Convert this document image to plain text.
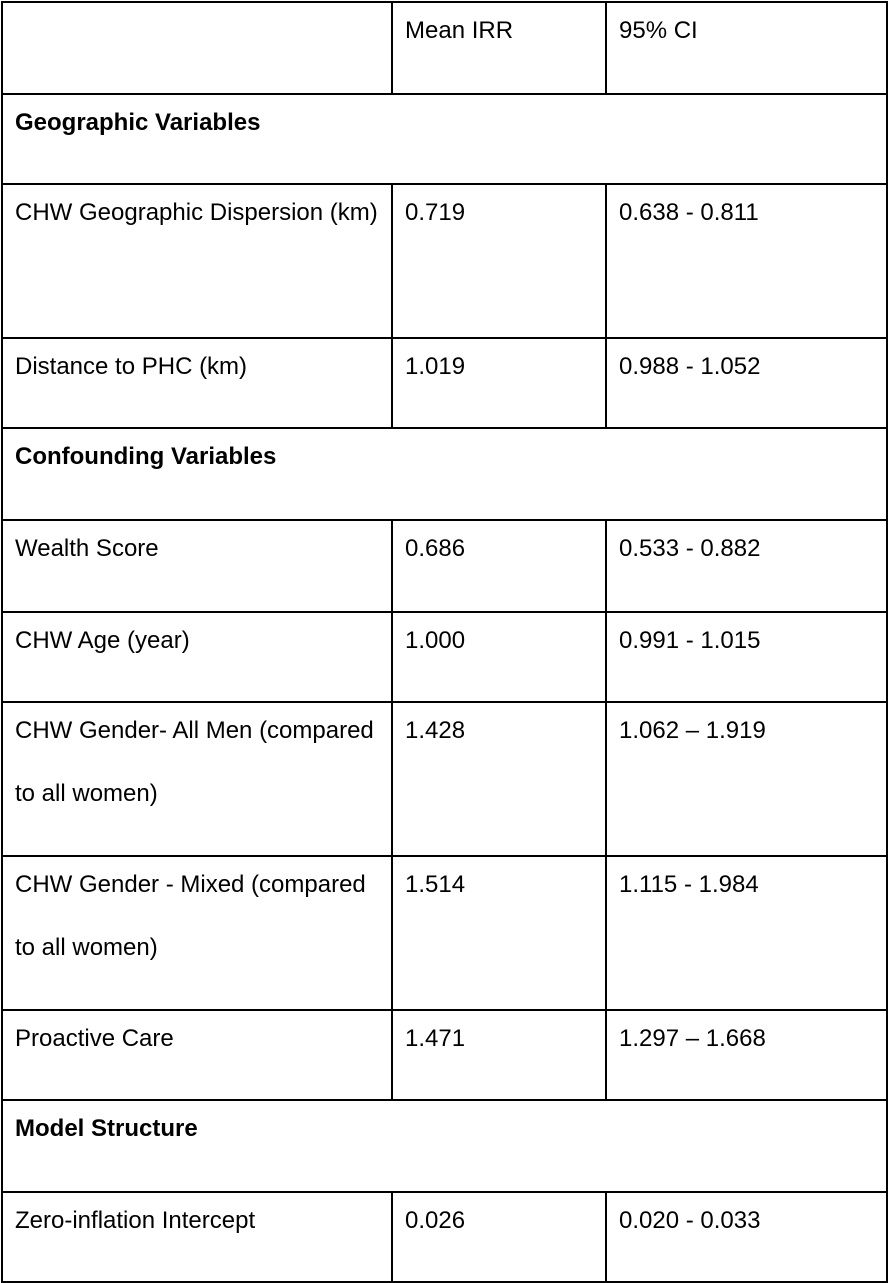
	Mean IRR	95% CI

Geographic Variables		

CHW Geographic Dispersion (km)	0.719	0.638 - 0.811

Distance to PHC (km)	1.019	0.988 - 1.052

Confounding Variables		

Wealth Score	0.686	0.533 - 0.882

CHW Age (year)	1.000	0.991 - 1.015

CHW Gender- All Men (compared to all women)	1.428	1.062 – 1.919

CHW Gender - Mixed (compared to all women)	1.514	1.115 - 1.984

Proactive Care	1.471	1.297 – 1.668

Model Structure		

Zero-inflation Intercept	0.026	0.020 - 0.033
